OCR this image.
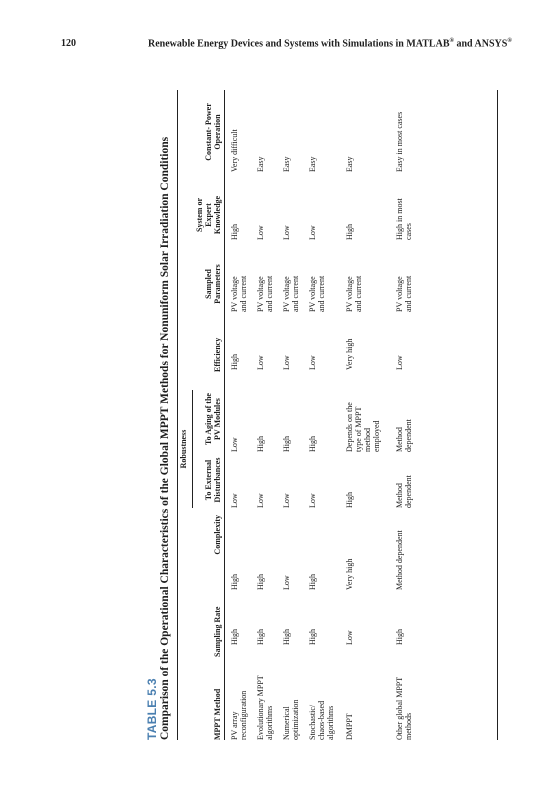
120	Renewable Energy Devices and Systems with Simulations in MATLAB® and ANSYS®
TABLE 5.3 Comparison of the Operational Characteristics of the Global MPPT Methods for Nonuniform Solar Irradiation Conditions Robustness
MPPT Method
Sampling Rate
Complexity
To External
Disturbances
To Aging of the
PV Modules
Efficiency
Sampled
Parameters
System or
Expert
Knowledge
Constant- Power
Operation
PV array
reconfiguration
High
High
Low
Low
High
PV voltage
and current
High
Very difficult
Evolutionary MPPT
algorithms
High
High
Low
High
Low
PV voltage
and current
Low
Easy
Numerical
optimization
High
Low
Low
High
Low
PV voltage
and current
Low
Easy
Stochastic/
chaos-based
algorithms
High
High
Low
High
Low
PV voltage
and current
Low
Easy
DMPPT
Low
Very high
High
Depends on the
type of MPPT
method
employed
Very high
PV voltage
and current
High
Easy
Other global MPPT
methods
High
Method dependent
Method
dependent
Method
dependent
Low
PV voltage
and current
High in most
cases
Easy in most cases
